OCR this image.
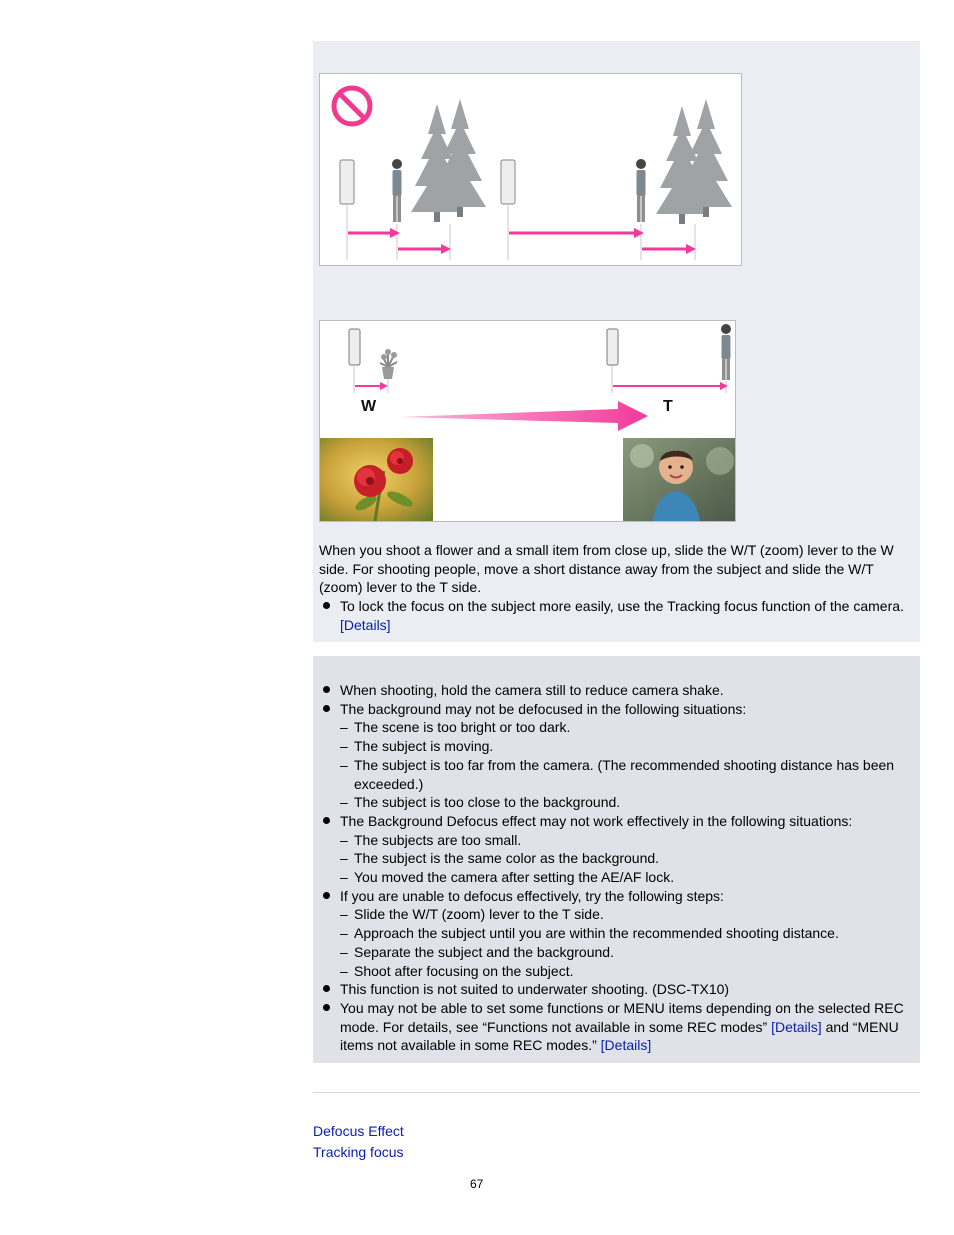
W	T

When you shoot a flower and a small item from close up, slide the W/T (zoom) lever to the W side. For shooting people, move a short distance away from the subject and slide the W/T (zoom) lever to the T side.

To lock the focus on the subject more easily, use the Tracking focus function of the camera.
[Details]
When shooting, hold the camera still to reduce camera shake.
The background may not be defocused in the following situations:
– The scene is too bright or too dark.
– The subject is moving.
– The subject is too far from the camera. (The recommended shooting distance has been exceeded.)
– The subject is too close to the background.
The Background Defocus effect may not work effectively in the following situations:
– The subjects are too small.
– The subject is the same color as the background.
– You moved the camera after setting the AE/AF lock.
If you are unable to defocus effectively, try the following steps:
– Slide the W/T (zoom) lever to the T side.
– Approach the subject until you are within the recommended shooting distance.
– Separate the subject and the background.
– Shoot after focusing on the subject.
This function is not suited to underwater shooting. (DSC-TX10)
You may not be able to set some functions or MENU items depending on the selected REC mode. For details, see “Functions not available in some REC modes” [Details] and “MENU items not available in some REC modes.” [Details]
Defocus Effect
Tracking focus
67
